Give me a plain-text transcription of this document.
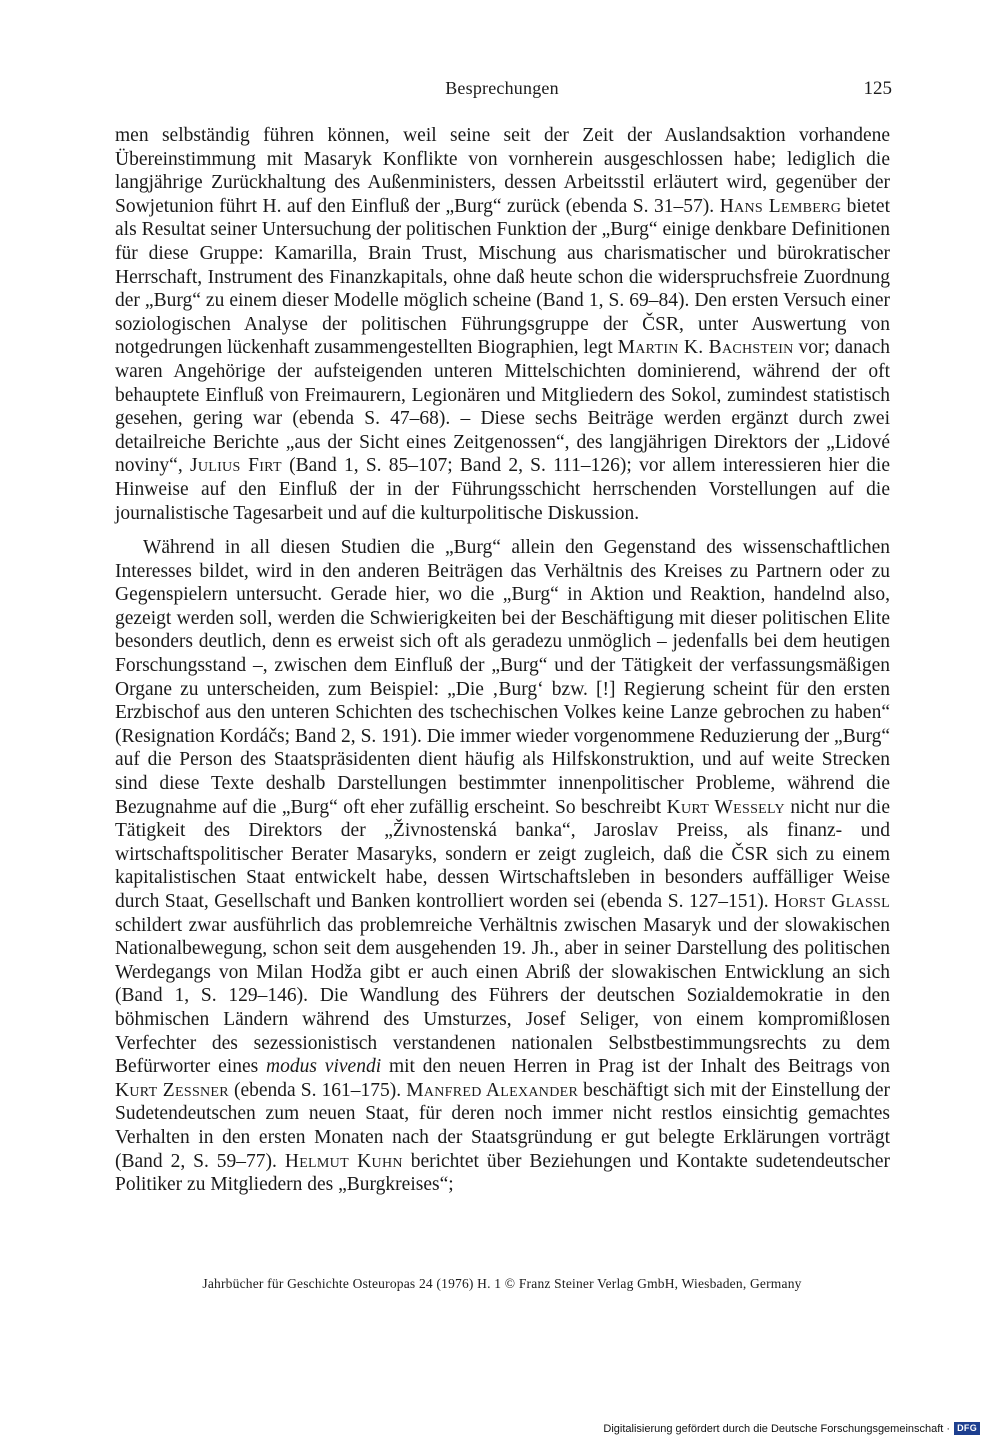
Besprechungen	125

men selbständig führen können, weil seine seit der Zeit der Auslandsaktion vorhandene Übereinstimmung mit Masaryk Konflikte von vornherein ausgeschlossen habe; lediglich die langjährige Zurückhaltung des Außenministers, dessen Arbeitsstil erläutert wird, gegenüber der Sowjetunion führt H. auf den Einfluß der „Burg“ zurück (ebenda S. 31–57). Hans Lemberg bietet als Resultat seiner Untersuchung der politischen Funktion der „Burg“ einige denkbare Definitionen für diese Gruppe: Kamarilla, Brain Trust, Mischung aus charismatischer und bürokratischer Herrschaft, Instrument des Finanzkapitals, ohne daß heute schon die widerspruchsfreie Zuordnung der „Burg“ zu einem dieser Modelle möglich scheine (Band 1, S. 69–84). Den ersten Versuch einer soziologischen Analyse der politischen Führungsgruppe der ČSR, unter Auswertung von notgedrungen lückenhaft zusammengestellten Biographien, legt Martin K. Bachstein vor; danach waren Angehörige der aufsteigenden unteren Mittelschichten dominierend, während der oft behauptete Einfluß von Freimaurern, Legionären und Mitgliedern des Sokol, zumindest statistisch gesehen, gering war (ebenda S. 47–68). – Diese sechs Beiträge werden ergänzt durch zwei detailreiche Berichte „aus der Sicht eines Zeitgenossen“, des langjährigen Direktors der „Lidové noviny“, Julius Firt (Band 1, S. 85–107; Band 2, S. 111–126); vor allem interessieren hier die Hinweise auf den Einfluß der in der Führungsschicht herrschenden Vorstellungen auf die journalistische Tagesarbeit und auf die kulturpolitische Diskussion.

Während in all diesen Studien die „Burg“ allein den Gegenstand des wissenschaftlichen Interesses bildet, wird in den anderen Beiträgen das Verhältnis des Kreises zu Partnern oder zu Gegenspielern untersucht. Gerade hier, wo die „Burg“ in Aktion und Reaktion, handelnd also, gezeigt werden soll, werden die Schwierigkeiten bei der Beschäftigung mit dieser politischen Elite besonders deutlich, denn es erweist sich oft als geradezu unmöglich – jedenfalls bei dem heutigen Forschungsstand –, zwischen dem Einfluß der „Burg“ und der Tätigkeit der verfassungsmäßigen Organe zu unterscheiden, zum Beispiel: „Die ‚Burg‘ bzw. [!] Regierung scheint für den ersten Erzbischof aus den unteren Schichten des tschechischen Volkes keine Lanze gebrochen zu haben“ (Resignation Kordáčs; Band 2, S. 191). Die immer wieder vorgenommene Reduzierung der „Burg“ auf die Person des Staatspräsidenten dient häufig als Hilfskonstruktion, und auf weite Strecken sind diese Texte deshalb Darstellungen bestimmter innenpolitischer Probleme, während die Bezugnahme auf die „Burg“ oft eher zufällig erscheint. So beschreibt Kurt Wessely nicht nur die Tätigkeit des Direktors der „Živnostenská banka“, Jaroslav Preiss, als finanz- und wirtschaftspolitischer Berater Masaryks, sondern er zeigt zugleich, daß die ČSR sich zu einem kapitalistischen Staat entwickelt habe, dessen Wirtschaftsleben in besonders auffälliger Weise durch Staat, Gesellschaft und Banken kontrolliert worden sei (ebenda S. 127–151). Horst Glassl schildert zwar ausführlich das problemreiche Verhältnis zwischen Masaryk und der slowakischen Nationalbewegung, schon seit dem ausgehenden 19. Jh., aber in seiner Darstellung des politischen Werdegangs von Milan Hodža gibt er auch einen Abriß der slowakischen Entwicklung an sich (Band 1, S. 129–146). Die Wandlung des Führers der deutschen Sozialdemokratie in den böhmischen Ländern während des Umsturzes, Josef Seliger, von einem kompromißlosen Verfechter des sezessionistisch verstandenen nationalen Selbstbestimmungsrechts zu dem Befürworter eines modus vivendi mit den neuen Herren in Prag ist der Inhalt des Beitrags von Kurt Zessner (ebenda S. 161–175). Manfred Alexander beschäftigt sich mit der Einstellung der Sudetendeutschen zum neuen Staat, für deren noch immer nicht restlos einsichtig gemachtes Verhalten in den ersten Monaten nach der Staatsgründung er gut belegte Erklärungen vorträgt (Band 2, S. 59–77). Helmut Kuhn berichtet über Beziehungen und Kontakte sudetendeutscher Politiker zu Mitgliedern des „Burgkreises“;

Jahrbücher für Geschichte Osteuropas 24 (1976) H. 1 © Franz Steiner Verlag GmbH, Wiesbaden, Germany
Digitalisierung gefördert durch die Deutsche Forschungsgemeinschaft · DFG
